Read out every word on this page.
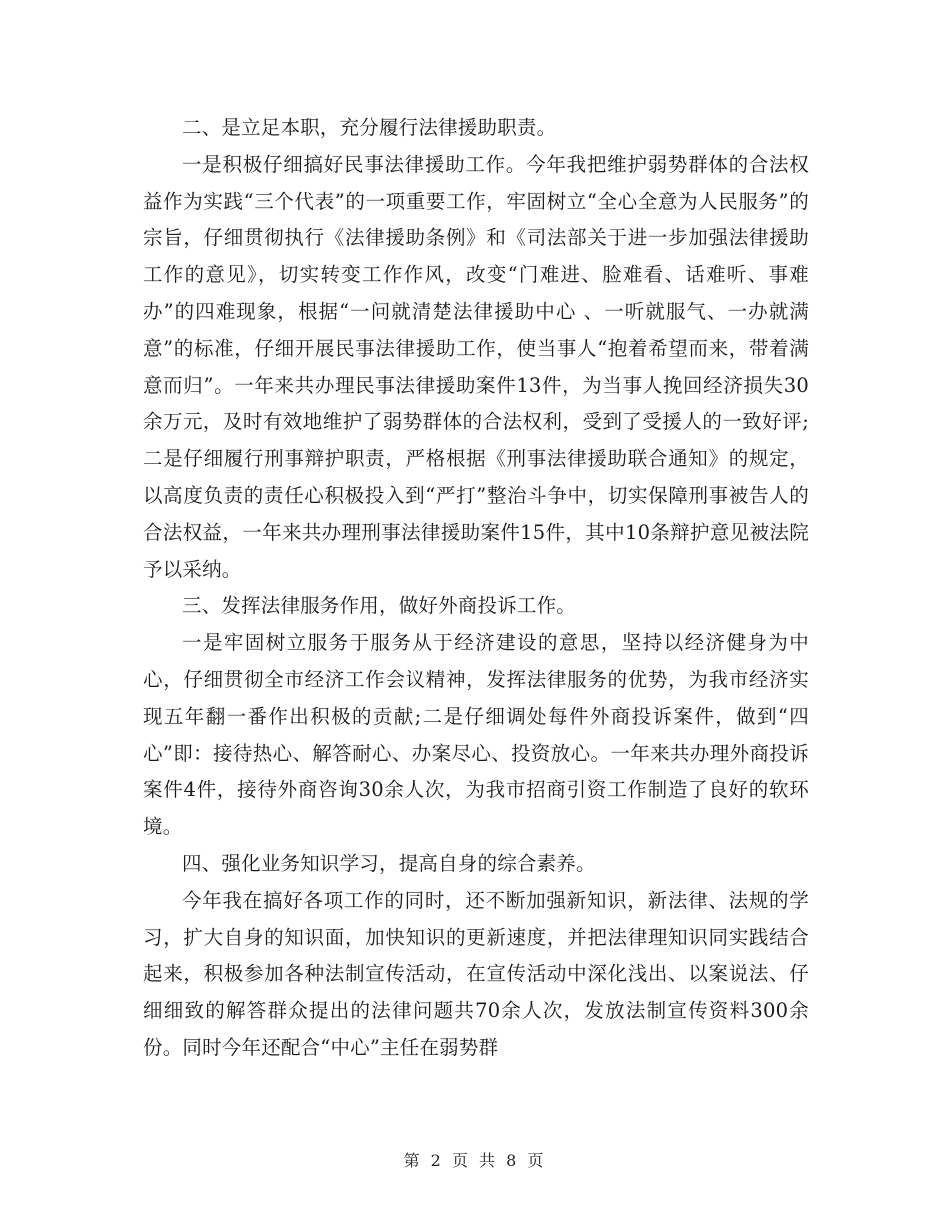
二、是立足本职，充分履行法律援助职责。

一是积极仔细搞好民事法律援助工作。今年我把维护弱势群体的合法权益作为实践“三个代表”的一项重要工作，牢固树立“全心全意为人民服务”的宗旨，仔细贯彻执行《法律援助条例》和《司法部关于进一步加强法律援助工作的意见》，切实转变工作作风，改变“门难进、脸难看、话难听、事难办”的四难现象，根据“一问就清楚法律援助中心 、一听就服气、一办就满意”的标准，仔细开展民事法律援助工作，使当事人“抱着希望而来，带着满意而归”。一年来共办理民事法律援助案件13件，为当事人挽回经济损失30余万元，及时有效地维护了弱势群体的合法权利，受到了受援人的一致好评;二是仔细履行刑事辩护职责，严格根据《刑事法律援助联合通知》的规定，以高度负责的责任心积极投入到“严打”整治斗争中，切实保障刑事被告人的合法权益，一年来共办理刑事法律援助案件15件，其中10条辩护意见被法院予以采纳。

三、发挥法律服务作用，做好外商投诉工作。

一是牢固树立服务于服务从于经济建设的意思，坚持以经济健身为中心，仔细贯彻全市经济工作会议精神，发挥法律服务的优势，为我市经济实现五年翻一番作出积极的贡献;二是仔细调处每件外商投诉案件，做到“四心”即：接待热心、解答耐心、办案尽心、投资放心。一年来共办理外商投诉案件4件，接待外商咨询30余人次，为我市招商引资工作制造了良好的软环境。

四、强化业务知识学习，提高自身的综合素养。

今年我在搞好各项工作的同时，还不断加强新知识，新法律、法规的学习，扩大自身的知识面，加快知识的更新速度，并把法律理知识同实践结合起来，积极参加各种法制宣传活动，在宣传活动中深化浅出、以案说法、仔细细致的解答群众提出的法律问题共70余人次，发放法制宣传资料300余份。同时今年还配合“中心”主任在弱势群

第 2 页 共 8 页
